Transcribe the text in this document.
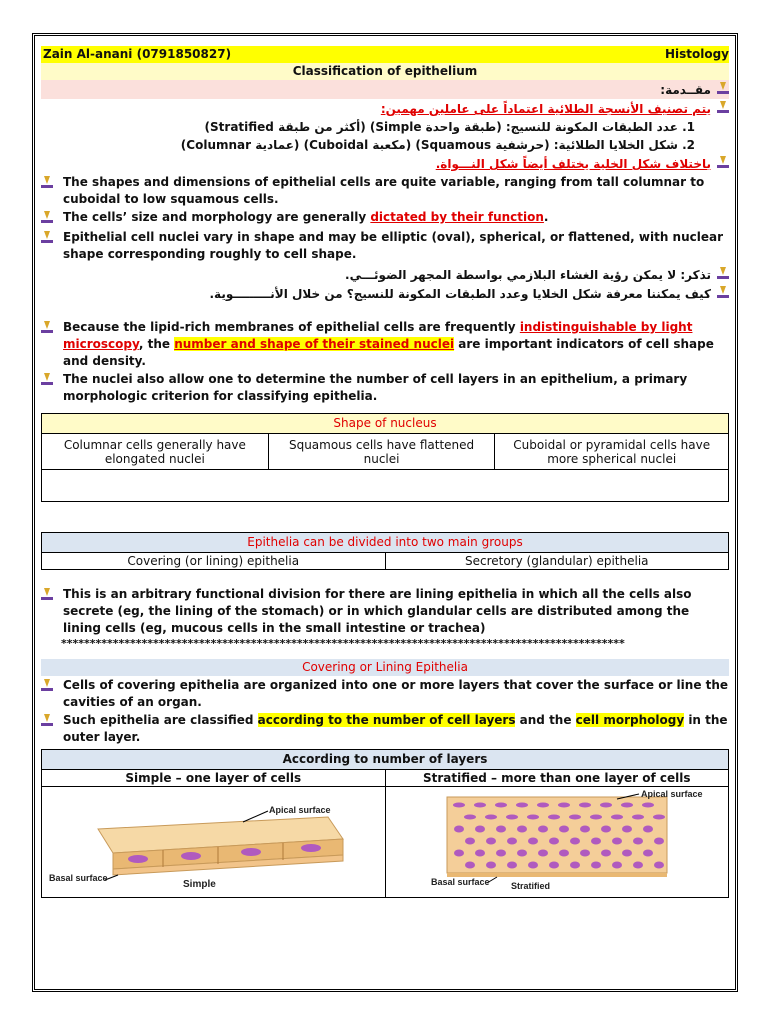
Zain Al-anani (0791850827)	Histology
Classification of epithelium
مقــدمة:
يتم تصنيف الأنسجة الطلائية اعتماداً على عاملين مهمين:
1. عدد الطبقات المكونة للنسيج: (طبقة واحدة Simple) (أكثر من طبقة Stratified)
2. شكل الخلايا الطلائية: (حرشفية Squamous) (مكعبة Cuboidal) (عمادية Columnar)
باختلاف شكل الخلية يختلف أيضاً شكل النـــواة.
The shapes and dimensions of epithelial cells are quite variable, ranging from tall columnar to cuboidal to low squamous cells.
The cells’ size and morphology are generally dictated by their function.
Epithelial cell nuclei vary in shape and may be elliptic (oval), spherical, or flattened, with nuclear shape corresponding roughly to cell shape.
تذكر: لا يمكن رؤية الغشاء البلازمي بواسطة المجهر الضوئـــي.
كيف يمكننا معرفة شكل الخلايا وعدد الطبقات المكونة للنسيج؟ من خلال الأنـــــــــوية.
Because the lipid-rich membranes of epithelial cells are frequently indistinguishable by light microscopy, the number and shape of their stained nuclei are important indicators of cell shape and density.
The nuclei also allow one to determine the number of cell layers in an epithelium, a primary morphologic criterion for classifying epithelia.
Shape of nucleus
Columnar cells generally have elongated nuclei	Squamous cells have flattened nuclei	Cuboidal or pyramidal cells have more spherical nuclei

Epithelia can be divided into two main groups
Covering (or lining) epithelia	Secretory (glandular) epithelia
This is an arbitrary functional division for there are lining epithelia in which all the cells also secrete (eg, the lining of the stomach) or in which glandular cells are distributed among the lining cells (eg, mucous cells in the small intestine or trachea)
**************************************************************************************************
Covering or Lining Epithelia
Cells of covering epithelia are organized into one or more layers that cover the surface or line the cavities of an organ.
Such epithelia are classified according to the number of cell layers and the cell morphology in the outer layer.
According to number of layers	
Simple – one layer of cells	Stratified – more than one layer of cells

Apical surface
Basal surface
Simple	Apical surface
Basal surface Stratified
